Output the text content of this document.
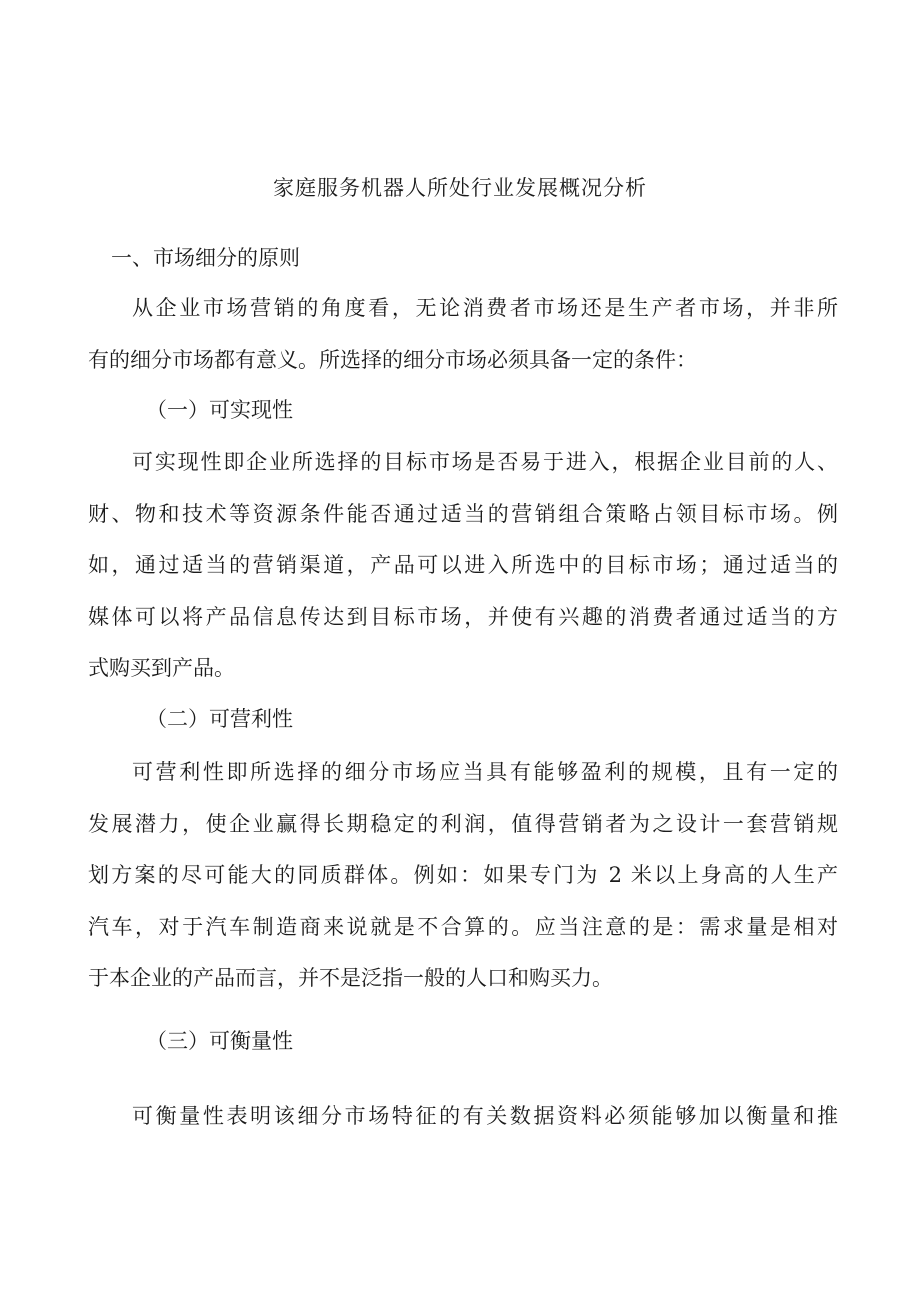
家庭服务机器人所处行业发展概况分析

一、市场细分的原则

从企业市场营销的角度看，无论消费者市场还是生产者市场，并非所

有的细分市场都有意义。所选择的细分市场必须具备一定的条件：

（一）可实现性

可实现性即企业所选择的目标市场是否易于进入，根据企业目前的人、

财、物和技术等资源条件能否通过适当的营销组合策略占领目标市场。例

如，通过适当的营销渠道，产品可以进入所选中的目标市场；通过适当的

媒体可以将产品信息传达到目标市场，并使有兴趣的消费者通过适当的方

式购买到产品。

（二）可营利性

可营利性即所选择的细分市场应当具有能够盈利的规模，且有一定的

发展潜力，使企业赢得长期稳定的利润，值得营销者为之设计一套营销规

划方案的尽可能大的同质群体。例如：如果专门为 2 米以上身高的人生产

汽车，对于汽车制造商来说就是不合算的。应当注意的是：需求量是相对

于本企业的产品而言，并不是泛指一般的人口和购买力。

（三）可衡量性

可衡量性表明该细分市场特征的有关数据资料必须能够加以衡量和推
